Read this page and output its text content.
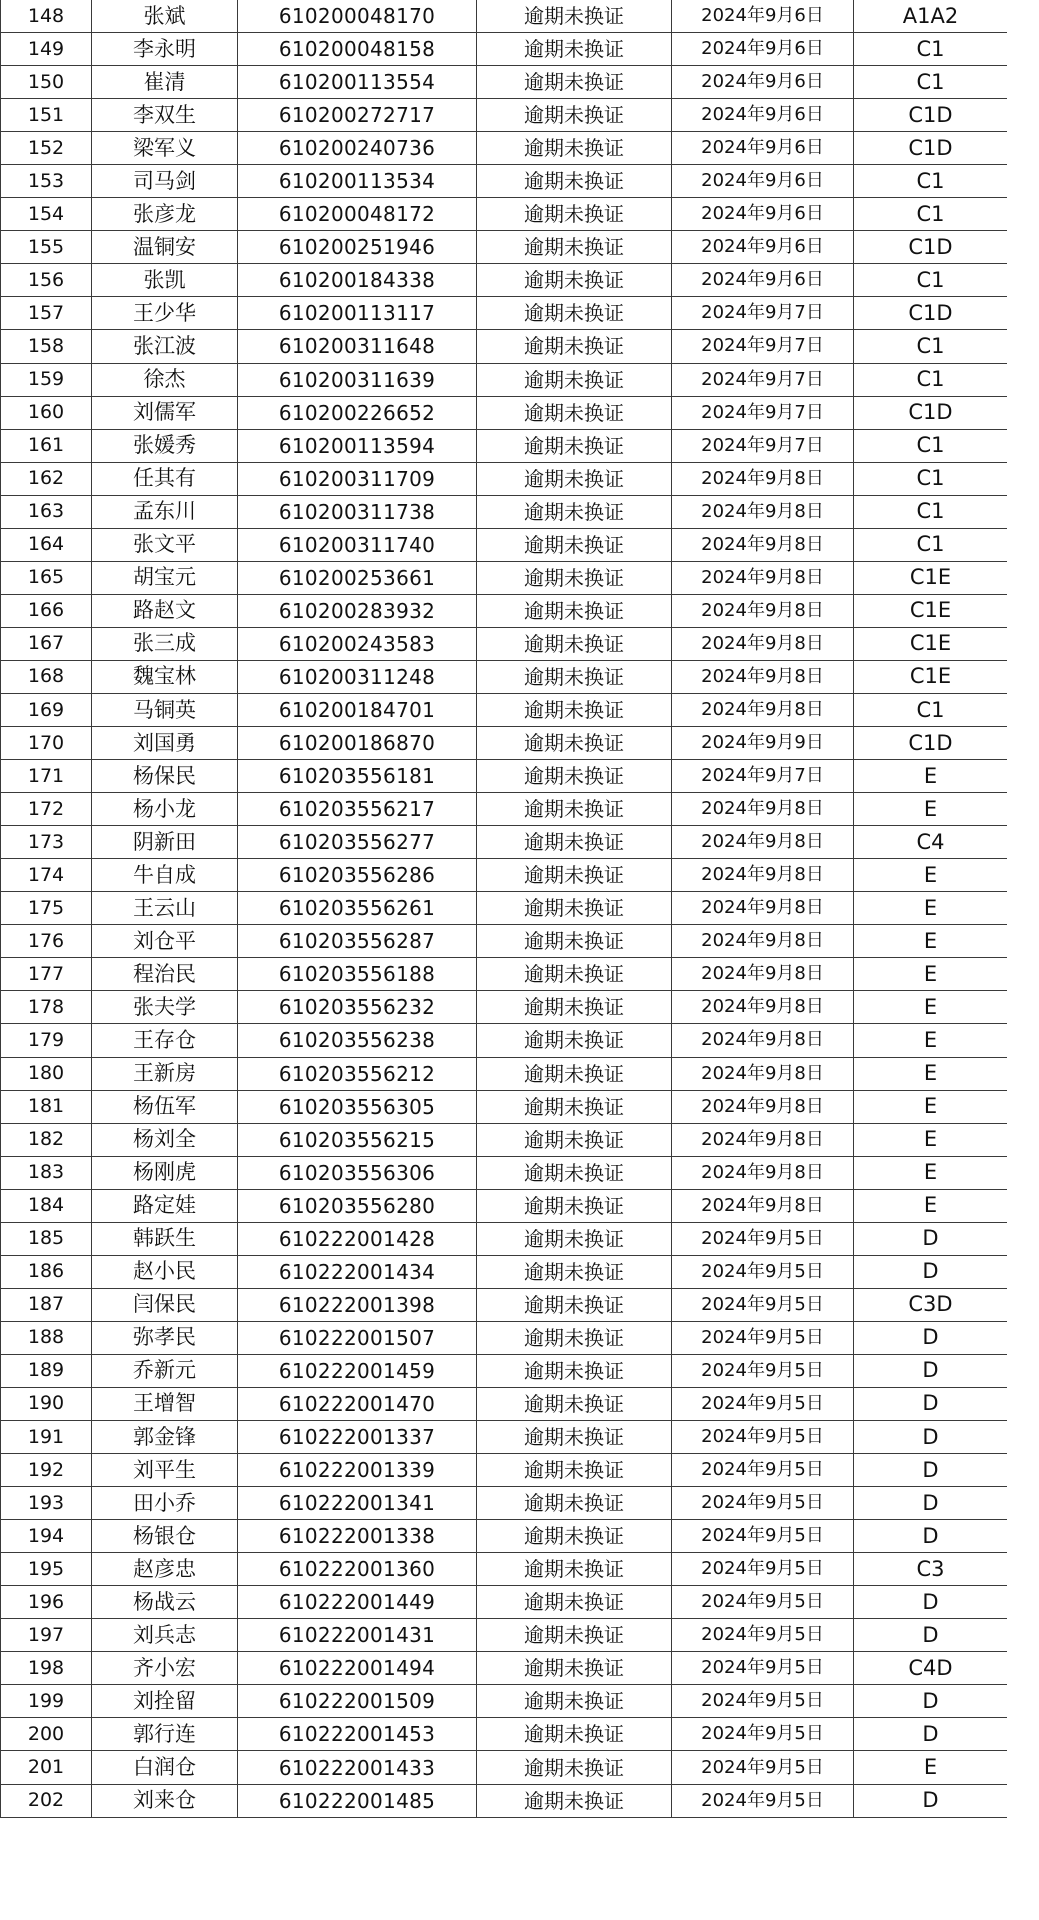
148	张斌	610200048170	逾期未换证	2024年9月6日	A1A2
149	李永明	610200048158	逾期未换证	2024年9月6日	C1
150	崔清	610200113554	逾期未换证	2024年9月6日	C1
151	李双生	610200272717	逾期未换证	2024年9月6日	C1D
152	梁军义	610200240736	逾期未换证	2024年9月6日	C1D
153	司马剑	610200113534	逾期未换证	2024年9月6日	C1
154	张彦龙	610200048172	逾期未换证	2024年9月6日	C1
155	温铜安	610200251946	逾期未换证	2024年9月6日	C1D
156	张凯	610200184338	逾期未换证	2024年9月6日	C1
157	王少华	610200113117	逾期未换证	2024年9月7日	C1D
158	张江波	610200311648	逾期未换证	2024年9月7日	C1
159	徐杰	610200311639	逾期未换证	2024年9月7日	C1
160	刘儒军	610200226652	逾期未换证	2024年9月7日	C1D
161	张媛秀	610200113594	逾期未换证	2024年9月7日	C1
162	任其有	610200311709	逾期未换证	2024年9月8日	C1
163	孟东川	610200311738	逾期未换证	2024年9月8日	C1
164	张文平	610200311740	逾期未换证	2024年9月8日	C1
165	胡宝元	610200253661	逾期未换证	2024年9月8日	C1E
166	路赵文	610200283932	逾期未换证	2024年9月8日	C1E
167	张三成	610200243583	逾期未换证	2024年9月8日	C1E
168	魏宝林	610200311248	逾期未换证	2024年9月8日	C1E
169	马铜英	610200184701	逾期未换证	2024年9月8日	C1
170	刘国勇	610200186870	逾期未换证	2024年9月9日	C1D
171	杨保民	610203556181	逾期未换证	2024年9月7日	E
172	杨小龙	610203556217	逾期未换证	2024年9月8日	E
173	阴新田	610203556277	逾期未换证	2024年9月8日	C4
174	牛自成	610203556286	逾期未换证	2024年9月8日	E
175	王云山	610203556261	逾期未换证	2024年9月8日	E
176	刘仓平	610203556287	逾期未换证	2024年9月8日	E
177	程治民	610203556188	逾期未换证	2024年9月8日	E
178	张夫学	610203556232	逾期未换证	2024年9月8日	E
179	王存仓	610203556238	逾期未换证	2024年9月8日	E
180	王新房	610203556212	逾期未换证	2024年9月8日	E
181	杨伍军	610203556305	逾期未换证	2024年9月8日	E
182	杨刘全	610203556215	逾期未换证	2024年9月8日	E
183	杨刚虎	610203556306	逾期未换证	2024年9月8日	E
184	路定娃	610203556280	逾期未换证	2024年9月8日	E
185	韩跃生	610222001428	逾期未换证	2024年9月5日	D
186	赵小民	610222001434	逾期未换证	2024年9月5日	D
187	闫保民	610222001398	逾期未换证	2024年9月5日	C3D
188	弥孝民	610222001507	逾期未换证	2024年9月5日	D
189	乔新元	610222001459	逾期未换证	2024年9月5日	D
190	王增智	610222001470	逾期未换证	2024年9月5日	D
191	郭金锋	610222001337	逾期未换证	2024年9月5日	D
192	刘平生	610222001339	逾期未换证	2024年9月5日	D
193	田小乔	610222001341	逾期未换证	2024年9月5日	D
194	杨银仓	610222001338	逾期未换证	2024年9月5日	D
195	赵彦忠	610222001360	逾期未换证	2024年9月5日	C3
196	杨战云	610222001449	逾期未换证	2024年9月5日	D
197	刘兵志	610222001431	逾期未换证	2024年9月5日	D
198	齐小宏	610222001494	逾期未换证	2024年9月5日	C4D
199	刘拴留	610222001509	逾期未换证	2024年9月5日	D
200	郭行连	610222001453	逾期未换证	2024年9月5日	D
201	白润仓	610222001433	逾期未换证	2024年9月5日	E
202	刘来仓	610222001485	逾期未换证	2024年9月5日	D
